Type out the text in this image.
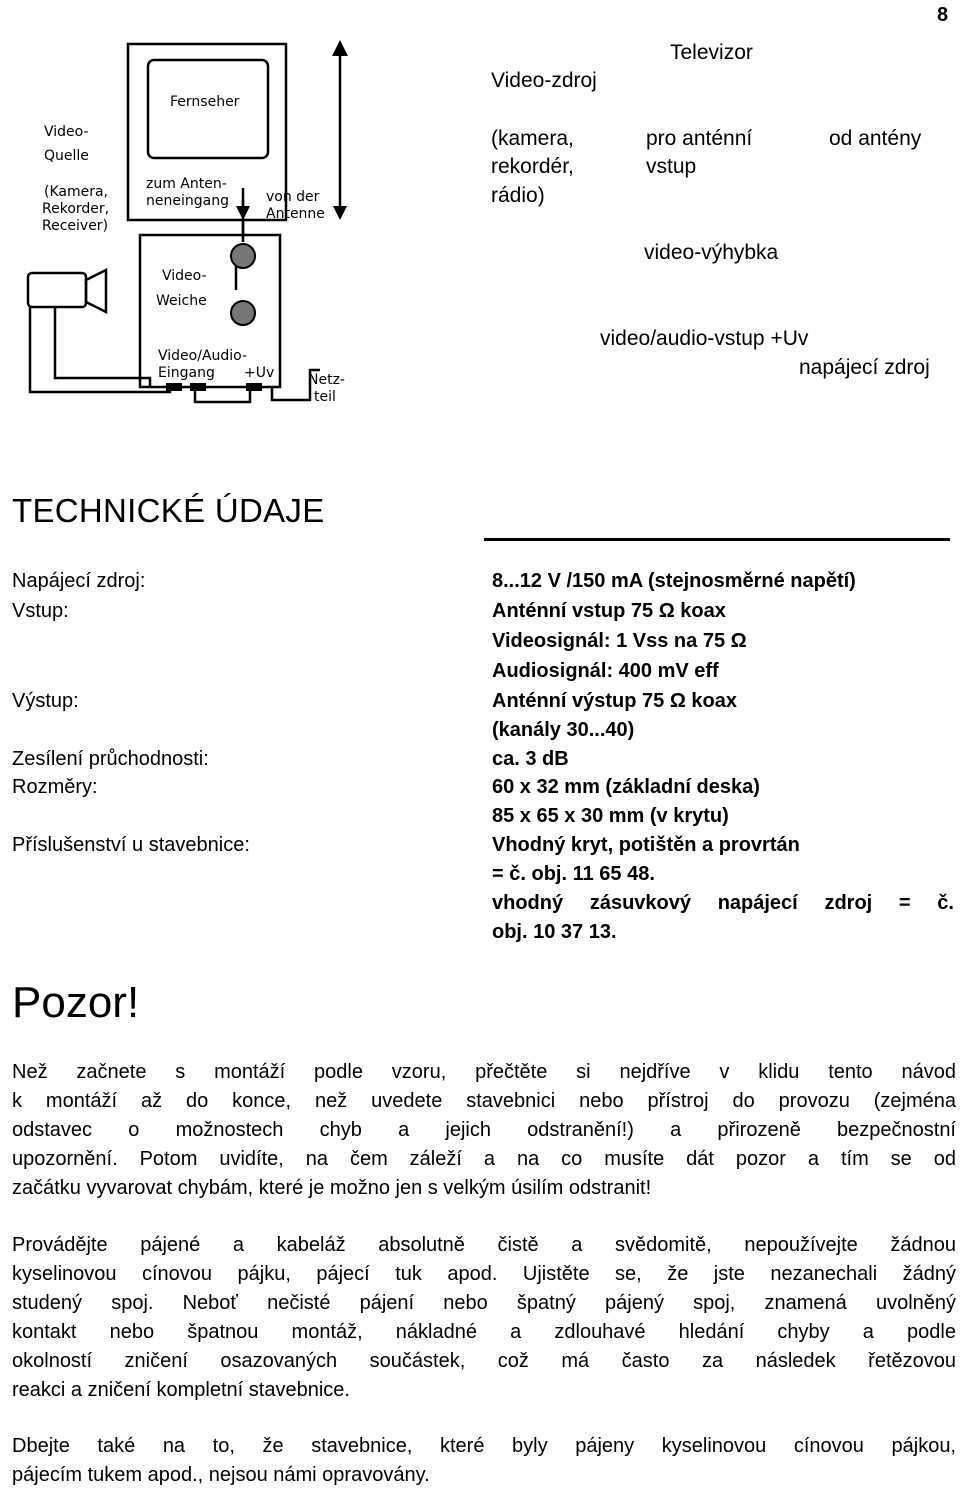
8
Fernseher
Video-
Quelle
(Kamera,
Rekorder,
Receiver)
zum Anten-
neneingang	von der
Antenne
Video-
Weiche
Video/Audio-
Eingang +Uv Netz-
teil
Televizor
Video-zdroj
(kamera,
rekordér,
rádio)
pro anténní
vstup
od antény
video-výhybka
video/audio-vstup +Uv
napájecí zdroj
TECHNICKÉ ÚDAJE
Napájecí zdroj:
Vstup:
Výstup:
Zesílení průchodnosti:
Rozměry:
Příslušenství u stavebnice:
8...12 V /150 mA (stejnosměrné napětí)
Anténní vstup 75 Ω koax
Videosignál: 1 Vss na 75 Ω
Audiosignál: 400 mV eff
Anténní výstup 75 Ω koax
(kanály 30...40)
ca. 3 dB
60 x 32 mm (základní deska)
85 x 65 x 30 mm (v krytu)
Vhodný kryt, potištěn a provrtán
= č. obj. 11 65 48.
vhodný zásuvkový napájecí zdroj = č.
obj. 10 37 13.
Pozor!
Než začnete s montáží podle vzoru, přečtěte si nejdříve v klidu tento návod
k montáží až do konce, než uvedete stavebnici nebo přístroj do provozu (zejména
odstavec o možnostech chyb a jejich odstranění!) a přirozeně bezpečnostní
upozornění. Potom uvidíte, na čem záleží a na co musíte dát pozor a tím se od
začátku vyvarovat chybám, které je možno jen s velkým úsilím odstranit!
Provádějte pájené a kabeláž absolutně čistě a svědomitě, nepoužívejte žádnou
kyselinovou cínovou pájku, pájecí tuk apod. Ujistěte se, že jste nezanechali žádný
studený spoj. Neboť nečisté pájení nebo špatný pájený spoj, znamená uvolněný
kontakt nebo špatnou montáž, nákladné a zdlouhavé hledání chyby a podle
okolností zničení osazovaných součástek, což má často za následek řetězovou
reakci a zničení kompletní stavebnice.
Dbejte také na to, že stavebnice, které byly pájeny kyselinovou cínovou pájkou,
pájecím tukem apod., nejsou námi opravovány.
